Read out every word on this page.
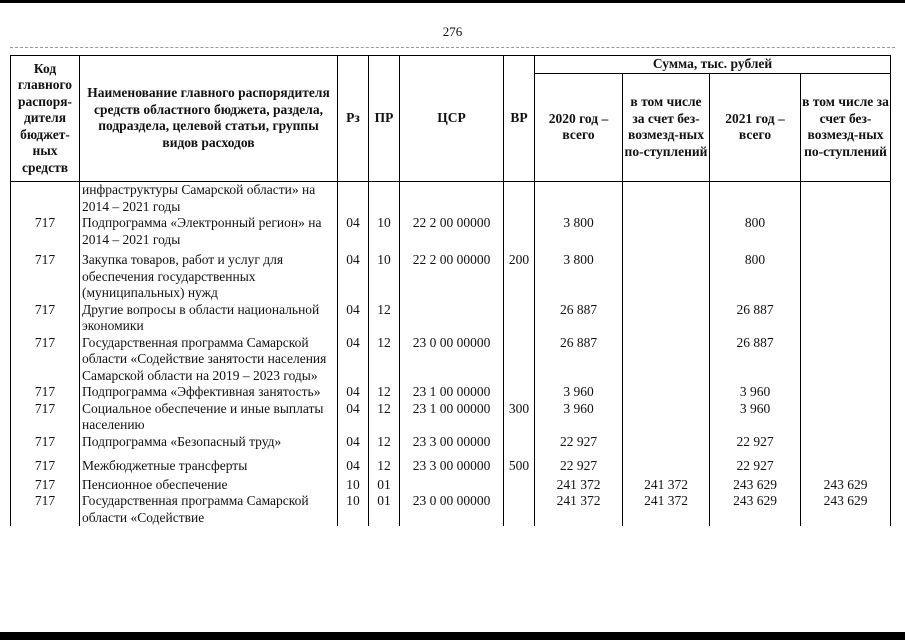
276
Код главного распоря-дителя бюджет-ных средств	Наименование главного распорядителя средств областного бюджета, раздела, подраздела, целевой статьи, группы видов расходов	Рз	ПР	ЦСР	ВР	Сумма, тыс. рублей			
						2020 год – всего	в том числе за счет без-возмезд-ных по-ступлений	2021 год – всего	в том числе за счет без-возмезд-ных по-ступлений
	инфраструктуры Самарской области» на 2014 – 2021 годы								
717	Подпрограмма «Электронный регион» на 2014 – 2021 годы	04	10	22 2 00 00000		3 800		800	

717	Закупка товаров, работ и услуг для обеспечения государственных (муниципальных) нужд	04	10	22 2 00 00000	200	3 800		800	
717	Другие вопросы в области национальной экономики	04	12			26 887		26 887	
717	Государственная программа Самарской области «Содействие занятости населения Самарской области на 2019 – 2023 годы»	04	12	23 0 00 00000		26 887		26 887	
717	Подпрограмма «Эффективная занятость»	04	12	23 1 00 00000		3 960		3 960	
717	Социальное обеспечение и иные выплаты населению	04	12	23 1 00 00000	300	3 960		3 960	
717	Подпрограмма «Безопасный труд»	04	12	23 3 00 00000		22 927		22 927	

717	Межбюджетные трансферты	04	12	23 3 00 00000	500	22 927		22 927	

717	Пенсионное обеспечение	10	01			241 372	241 372	243 629	243 629
717	Государственная программа Самарской области «Содействие	10	01	23 0 00 00000		241 372	241 372	243 629	243 629
